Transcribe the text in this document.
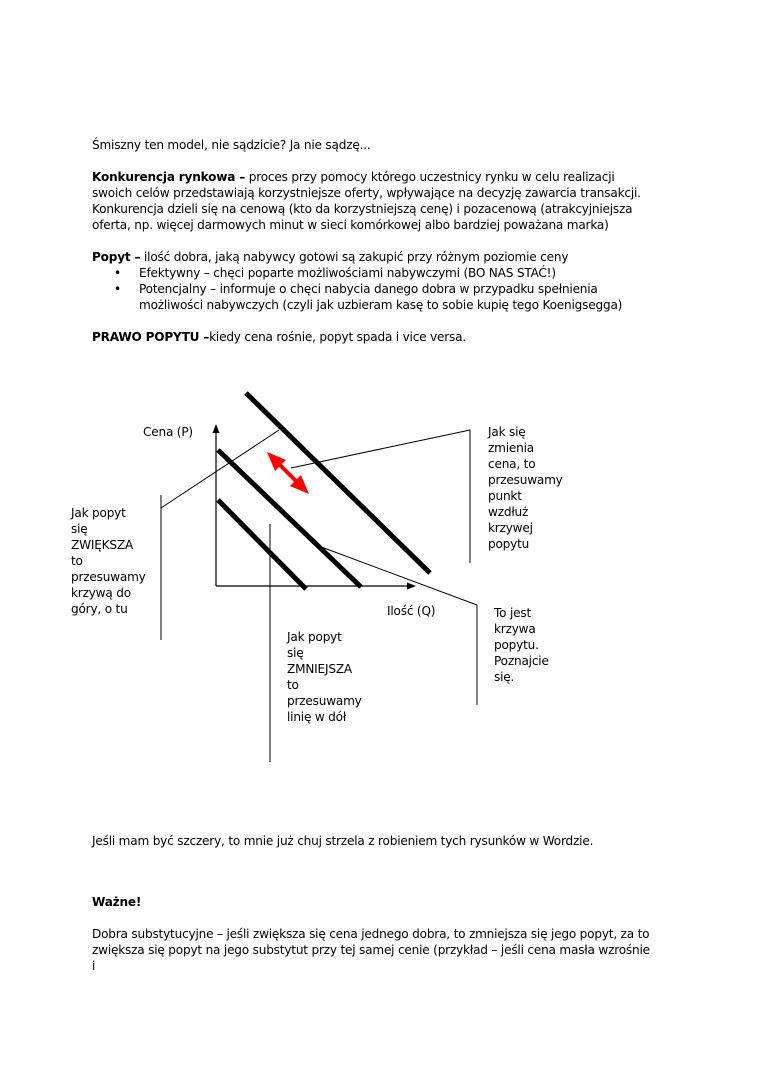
Śmiszny ten model, nie sądzicie? Ja nie sądzę...

Konkurencja rynkowa – proces przy pomocy którego uczestnicy rynku w celu realizacji swoich celów przedstawiają korzystniejsze oferty, wpływające na decyzję zawarcia transakcji. Konkurencja dzieli się na cenową (kto da korzystniejszą cenę) i pozacenową (atrakcyjniejsza oferta, np. więcej darmowych minut w sieci komórkowej albo bardziej poważana marka)

Popyt – ilość dobra, jaką nabywcy gotowi są zakupić przy różnym poziomie ceny

• Efektywny – chęci poparte możliwościami nabywczymi (BO NAS STAĆ!)
• Potencjalny – informuje o chęci nabycia danego dobra w przypadku spełnienia możliwości nabywczych (czyli jak uzbieram kasę to sobie kupię tego Koenigsegga)

PRAWO POPYTU –kiedy cena rośnie, popyt spada i vice versa.

Cena (P)
Ilość (Q)
Jak się
zmienia
cena, to
przesuwamy
punkt
wzdłuż
krzywej
popytu
Jak popyt
się
ZWIĘKSZA
to
przesuwamy
krzywą do
góry, o tu
Jak popyt
się
ZMNIEJSZA
to
przesuwamy
linię w dół
To jest
krzywa
popytu.
Poznajcie
się.

Jeśli mam być szczery, to mnie już chuj strzela z robieniem tych rysunków w Wordzie.

Ważne!

Dobra substytucyjne – jeśli zwiększa się cena jednego dobra, to zmniejsza się jego popyt, za to zwiększa się popyt na jego substytut przy tej samej cenie (przykład – jeśli cena masła wzrośnie i
